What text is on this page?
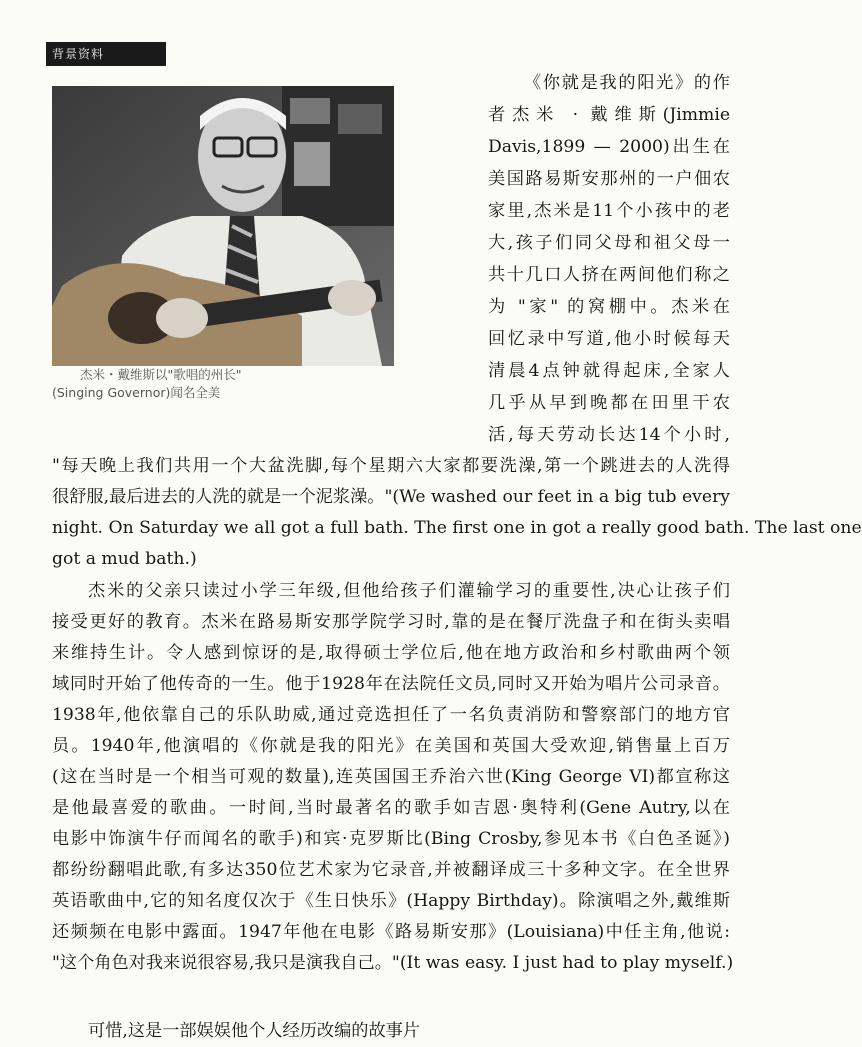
背景资料
杰米・戴维斯以"歌唱的州长"
(Singing Governor)闻名全美
《你就是我的阳光》的作
者杰米 · 戴维斯(Jimmie
Davis,1899 — 2000)出生在
美国路易斯安那州的一户佃农
家里,杰米是11个小孩中的老
大,孩子们同父母和祖父母一
共十几口人挤在两间他们称之
为 "家" 的窝棚中。杰米在
回忆录中写道,他小时候每天
清晨4点钟就得起床,全家人
几乎从早到晚都在田里干农
活,每天劳动长达14个小时,
"每天晚上我们共用一个大盆洗脚,每个星期六大家都要洗澡,第一个跳进去的人洗得
很舒服,最后进去的人洗的就是一个泥浆澡。"(We washed our feet in a big tub every
night. On Saturday we all got a full bath. The first one in got a really good bath. The last one
got a mud bath.)
杰米的父亲只读过小学三年级,但他给孩子们灌输学习的重要性,决心让孩子们
接受更好的教育。杰米在路易斯安那学院学习时,靠的是在餐厅洗盘子和在街头卖唱
来维持生计。令人感到惊讶的是,取得硕士学位后,他在地方政治和乡村歌曲两个领
域同时开始了他传奇的一生。他于1928年在法院任文员,同时又开始为唱片公司录音。
1938年,他依靠自己的乐队助威,通过竞选担任了一名负责消防和警察部门的地方官
员。1940年,他演唱的《你就是我的阳光》在美国和英国大受欢迎,销售量上百万
(这在当时是一个相当可观的数量),连英国国王乔治六世(King George VI)都宣称这
是他最喜爱的歌曲。一时间,当时最著名的歌手如吉恩·奥特利(Gene Autry,以在
电影中饰演牛仔而闻名的歌手)和宾·克罗斯比(Bing Crosby,参见本书《白色圣诞》)
都纷纷翻唱此歌,有多达350位艺术家为它录音,并被翻译成三十多种文字。在全世界
英语歌曲中,它的知名度仅次于《生日快乐》(Happy Birthday)。除演唱之外,戴维斯
还频频在电影中露面。1947年他在电影《路易斯安那》(Louisiana)中任主角,他说:
"这个角色对我来说很容易,我只是演我自己。"(It was easy. I just had to play myself.)
可惜,这是一部娱娱他个人经历改编的故事片
